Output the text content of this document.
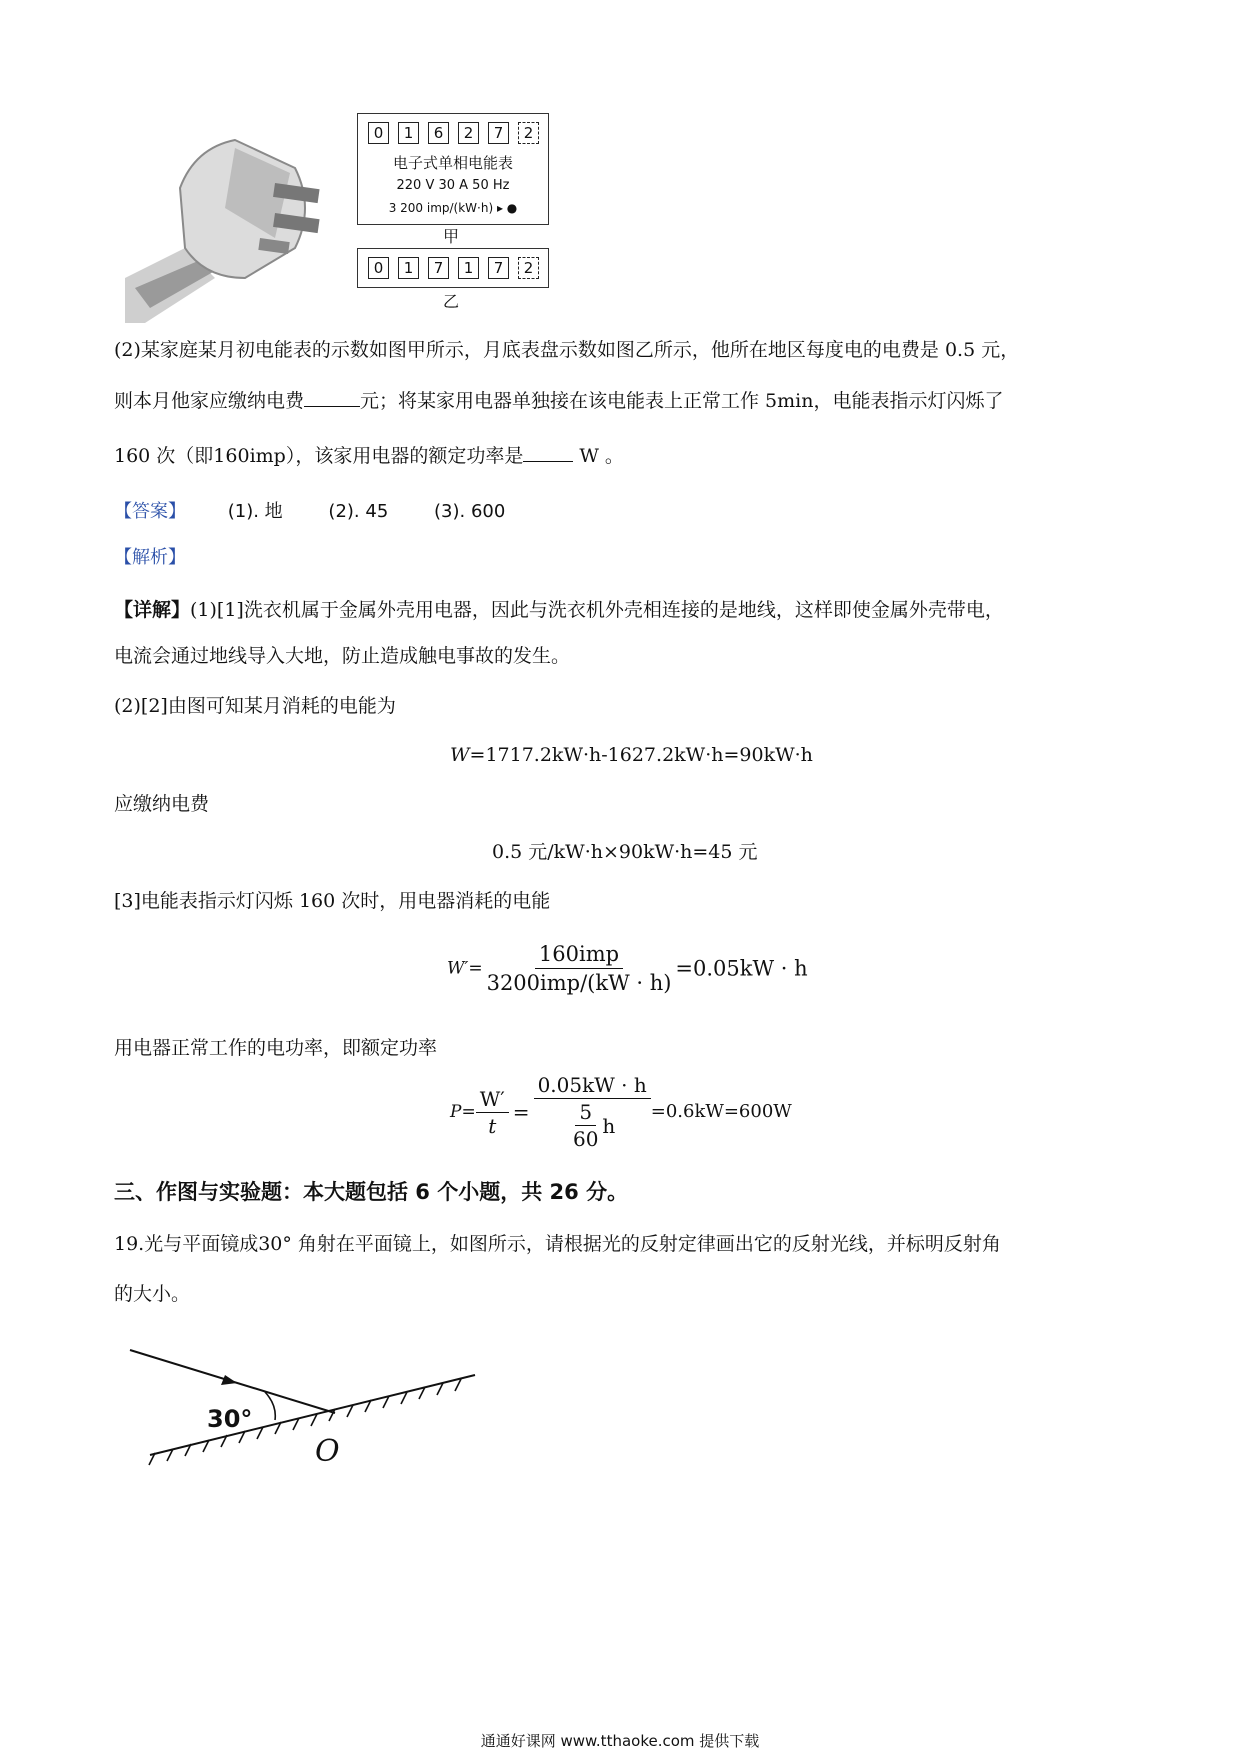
0	1	6	2	7	2
电子式单相电能表
220 V 30 A 50 Hz
3 200 imp/(kW·h) ▸ ●
甲
0	1	7	1	7	2
乙
(2)某家庭某月初电能表的示数如图甲所示，月底表盘示数如图乙所示，他所在地区每度电的电费是 0.5 元，
则本月他家应缴纳电费	元；将某家用电器单独接在该电能表上正常工作 5min，电能表指示灯闪烁了
160 次（即160imp），该家用电器的额定功率是	W 。
【答案】 (1). 地	(2). 45	(3). 600
【解析】
【详解】(1)[1]洗衣机属于金属外壳用电器，因此与洗衣机外壳相连接的是地线，这样即使金属外壳带电，
电流会通过地线导入大地，防止造成触电事故的发生。
(2)[2]由图可知某月消耗的电能为
W=1717.2kW·h-1627.2kW·h=90kW·h
应缴纳电费
0.5 元/kW·h×90kW·h=45 元
[3]电能表指示灯闪烁 160 次时，用电器消耗的电能
$W'= \frac{\text{160imp}}{\text{3200imp/(kW · h)}} =0.05kW \cdot h$
用电器正常工作的电功率，即额定功率
$P= \frac{W'}{t} = \frac{0.05kW \cdot h}{\frac{5}{60} h} =0.6kW=600W$
三、作图与实验题：本大题包括 6 个小题，共 26 分。
19.光与平面镜成30° 角射在平面镜上，如图所示，请根据光的反射定律画出它的反射光线，并标明反射角
的大小。
30°
O
通通好课网 www.tthaoke.com 提供下载
